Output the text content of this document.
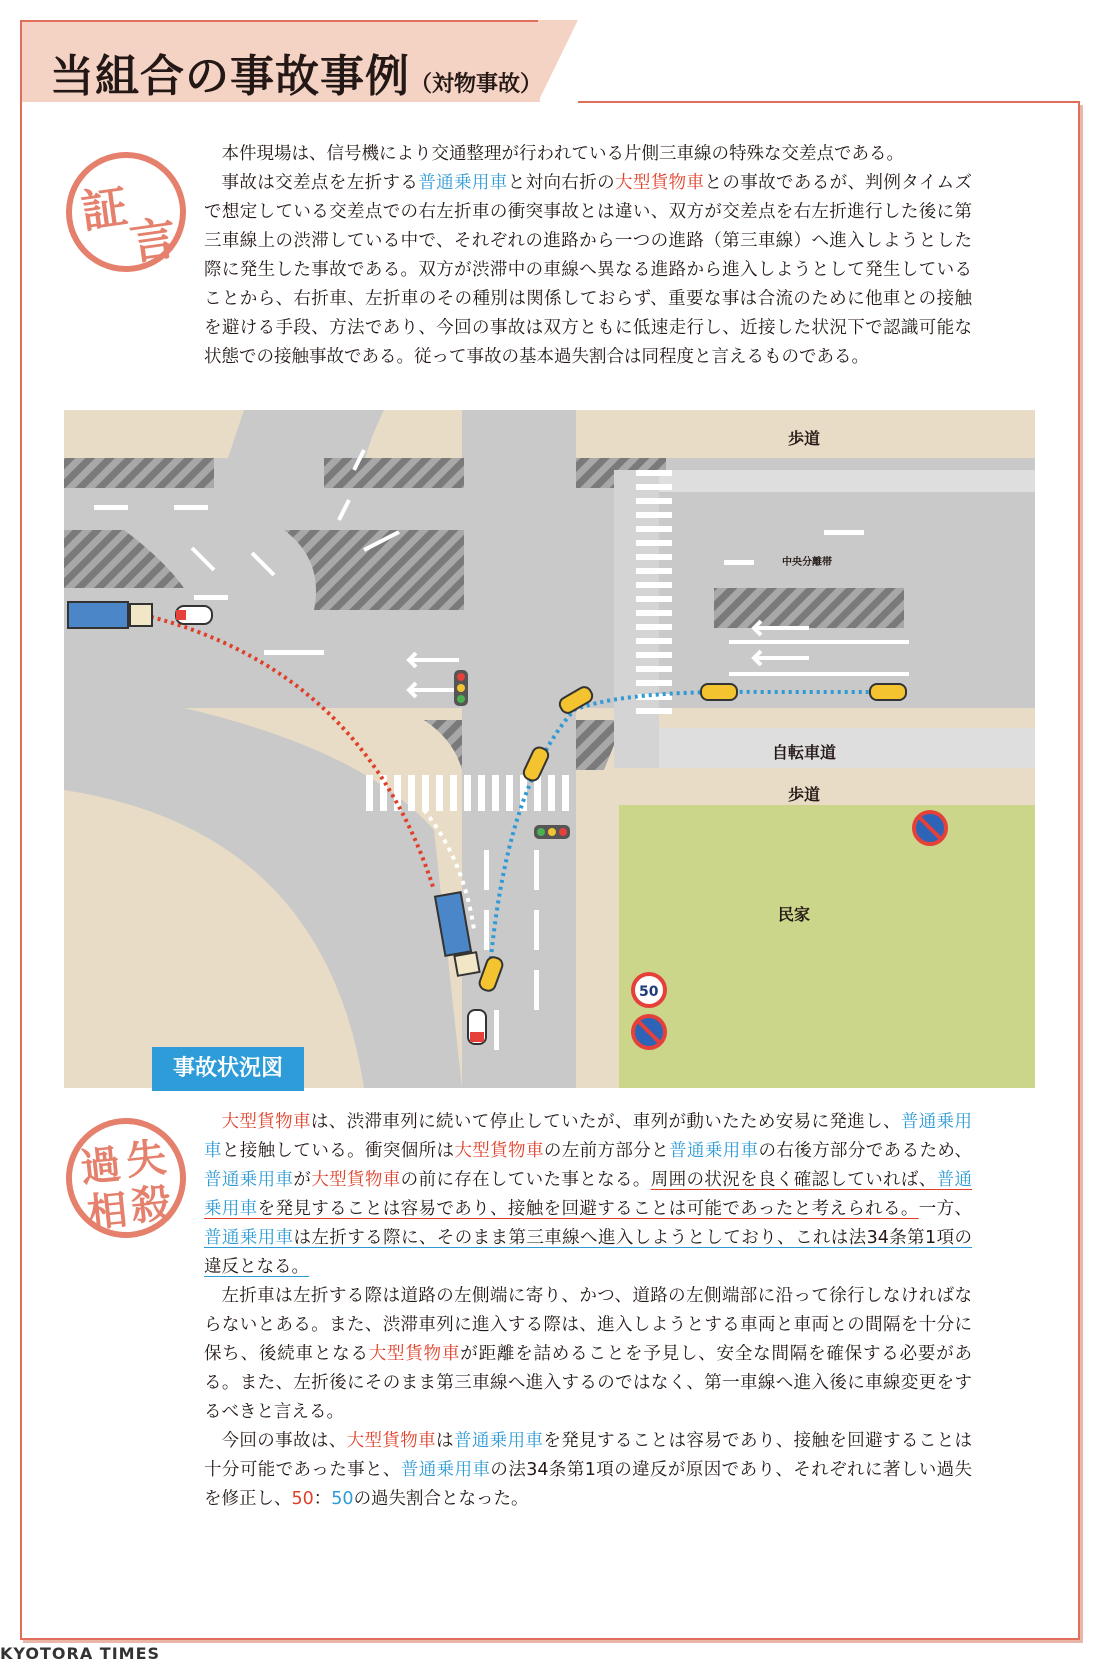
当組合の事故事例（対物事故）
証
言

本件現場は、信号機により交通整理が行われている片側三車線の特殊な交差点である。

事故は交差点を左折する普通乗用車と対向右折の大型貨物車との事故であるが、判例タイムズで想定している交差点での右左折車の衝突事故とは違い、双方が交差点を右左折進行した後に第三車線上の渋滞している中で、それぞれの進路から一つの進路（第三車線）へ進入しようとした際に発生した事故である。双方が渋滞中の車線へ異なる進路から進入しようとして発生していることから、右折車、左折車のその種別は関係しておらず、重要な事は合流のために他車との接触を避ける手段、方法であり、今回の事故は双方ともに低速走行し、近接した状況下で認識可能な状態での接触事故である。従って事故の基本過失割合は同程度と言えるものである。

歩道
中央分離帯
自転車道
歩道
民家
50
事故状況図
過 失
相
殺

大型貨物車は、渋滞車列に続いて停止していたが、車列が動いたため安易に発進し、普通乗用車と接触している。衝突個所は大型貨物車の左前方部分と普通乗用車の右後方部分であるため、普通乗用車が大型貨物車の前に存在していた事となる。周囲の状況を良く確認していれば、普通乗用車を発見することは容易であり、接触を回避することは可能であったと考えられる。一方、普通乗用車は左折する際に、そのまま第三車線へ進入しようとしており、これは法34条第1項の違反となる。

左折車は左折する際は道路の左側端に寄り、かつ、道路の左側端部に沿って徐行しなければならないとある。また、渋滞車列に進入する際は、進入しようとする車両と車両との間隔を十分に保ち、後続車となる大型貨物車が距離を詰めることを予見し、安全な間隔を確保する必要がある。また、左折後にそのまま第三車線へ進入するのではなく、第一車線へ進入後に車線変更をするべきと言える。

今回の事故は、大型貨物車は普通乗用車を発見することは容易であり、接触を回避することは十分可能であった事と、普通乗用車の法34条第1項の違反が原因であり、それぞれに著しい過失を修正し、50：50の過失割合となった。

KYOTORA TIMES
